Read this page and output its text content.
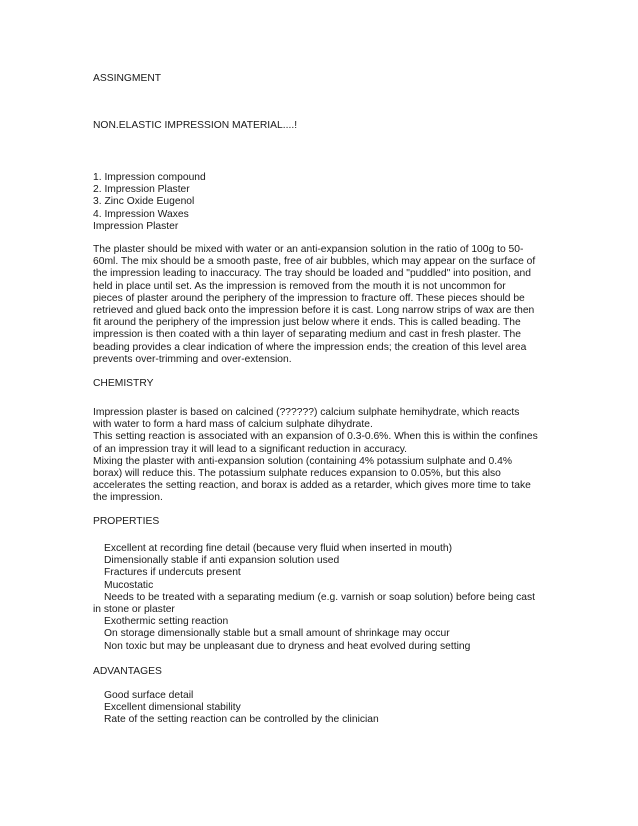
ASSINGMENT
NON.ELASTIC IMPRESSION MATERIAL....!
1. Impression compound
2. Impression Plaster
3. Zinc Oxide Eugenol
4. Impression Waxes
Impression Plaster
The plaster should be mixed with water or an anti-expansion solution in the ratio of 100g to 50-
60ml. The mix should be a smooth paste, free of air bubbles, which may appear on the surface of
the impression leading to inaccuracy. The tray should be loaded and "puddled" into position, and
held in place until set. As the impression is removed from the mouth it is not uncommon for
pieces of plaster around the periphery of the impression to fracture off. These pieces should be
retrieved and glued back onto the impression before it is cast. Long narrow strips of wax are then
fit around the periphery of the impression just below where it ends. This is called beading. The
impression is then coated with a thin layer of separating medium and cast in fresh plaster. The
beading provides a clear indication of where the impression ends; the creation of this level area
prevents over-trimming and over-extension.
CHEMISTRY
Impression plaster is based on calcined (??????) calcium sulphate hemihydrate, which reacts
with water to form a hard mass of calcium sulphate dihydrate.
This setting reaction is associated with an expansion of 0.3-0.6%. When this is within the confines
of an impression tray it will lead to a significant reduction in accuracy.
Mixing the plaster with anti-expansion solution (containing 4% potassium sulphate and 0.4%
borax) will reduce this. The potassium sulphate reduces expansion to 0.05%, but this also
accelerates the setting reaction, and borax is added as a retarder, which gives more time to take
the impression.
PROPERTIES
Excellent at recording fine detail (because very fluid when inserted in mouth)
Dimensionally stable if anti expansion solution used
Fractures if undercuts present
Mucostatic
Needs to be treated with a separating medium (e.g. varnish or soap solution) before being cast
in stone or plaster
Exothermic setting reaction
On storage dimensionally stable but a small amount of shrinkage may occur
Non toxic but may be unpleasant due to dryness and heat evolved during setting
ADVANTAGES
Good surface detail
Excellent dimensional stability
Rate of the setting reaction can be controlled by the clinician
